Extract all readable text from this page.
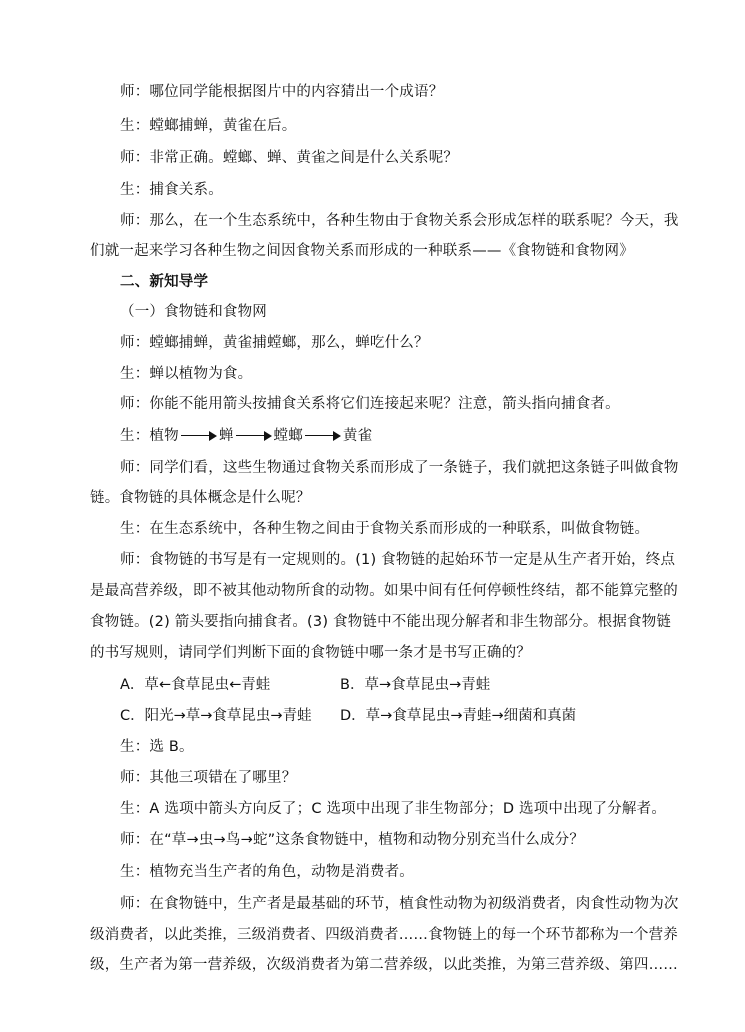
师：哪位同学能根据图片中的内容猜出一个成语？
生：螳螂捕蝉，黄雀在后。
师：非常正确。螳螂、蝉、黄雀之间是什么关系呢？
生：捕食关系。
师：那么，在一个生态系统中，各种生物由于食物关系会形成怎样的联系呢？今天，我
们就一起来学习各种生物之间因食物关系而形成的一种联系——《食物链和食物网》
二、新知导学
（一）食物链和食物网
师：螳螂捕蝉，黄雀捕螳螂，那么，蝉吃什么？
生：蝉以植物为食。
师：你能不能用箭头按捕食关系将它们连接起来呢？注意，箭头指向捕食者。
生：植物	蝉	螳螂	黄雀
师：同学们看，这些生物通过食物关系而形成了一条链子，我们就把这条链子叫做食物
链。食物链的具体概念是什么呢？
生：在生态系统中，各种生物之间由于食物关系而形成的一种联系，叫做食物链。
师：食物链的书写是有一定规则的。(1) 食物链的起始环节一定是从生产者开始，终点
是最高营养级，即不被其他动物所食的动物。如果中间有任何停顿性终结，都不能算完整的
食物链。(2) 箭头要指向捕食者。(3) 食物链中不能出现分解者和非生物部分。根据食物链
的书写规则，请同学们判断下面的食物链中哪一条才是书写正确的？
A．草←食草昆虫←青蛙	B．草→食草昆虫→青蛙
C．阳光→草→食草昆虫→青蛙 D．草→食草昆虫→青蛙→细菌和真菌
生：选 B。
师：其他三项错在了哪里？
生：A 选项中箭头方向反了；C 选项中出现了非生物部分；D 选项中出现了分解者。
师：在“草→虫→鸟→蛇”这条食物链中，植物和动物分别充当什么成分？
生：植物充当生产者的角色，动物是消费者。
师：在食物链中，生产者是最基础的环节，植食性动物为初级消费者，肉食性动物为次
级消费者，以此类推，三级消费者、四级消费者……食物链上的每一个环节都称为一个营养
级，生产者为第一营养级，次级消费者为第二营养级，以此类推，为第三营养级、第四……
